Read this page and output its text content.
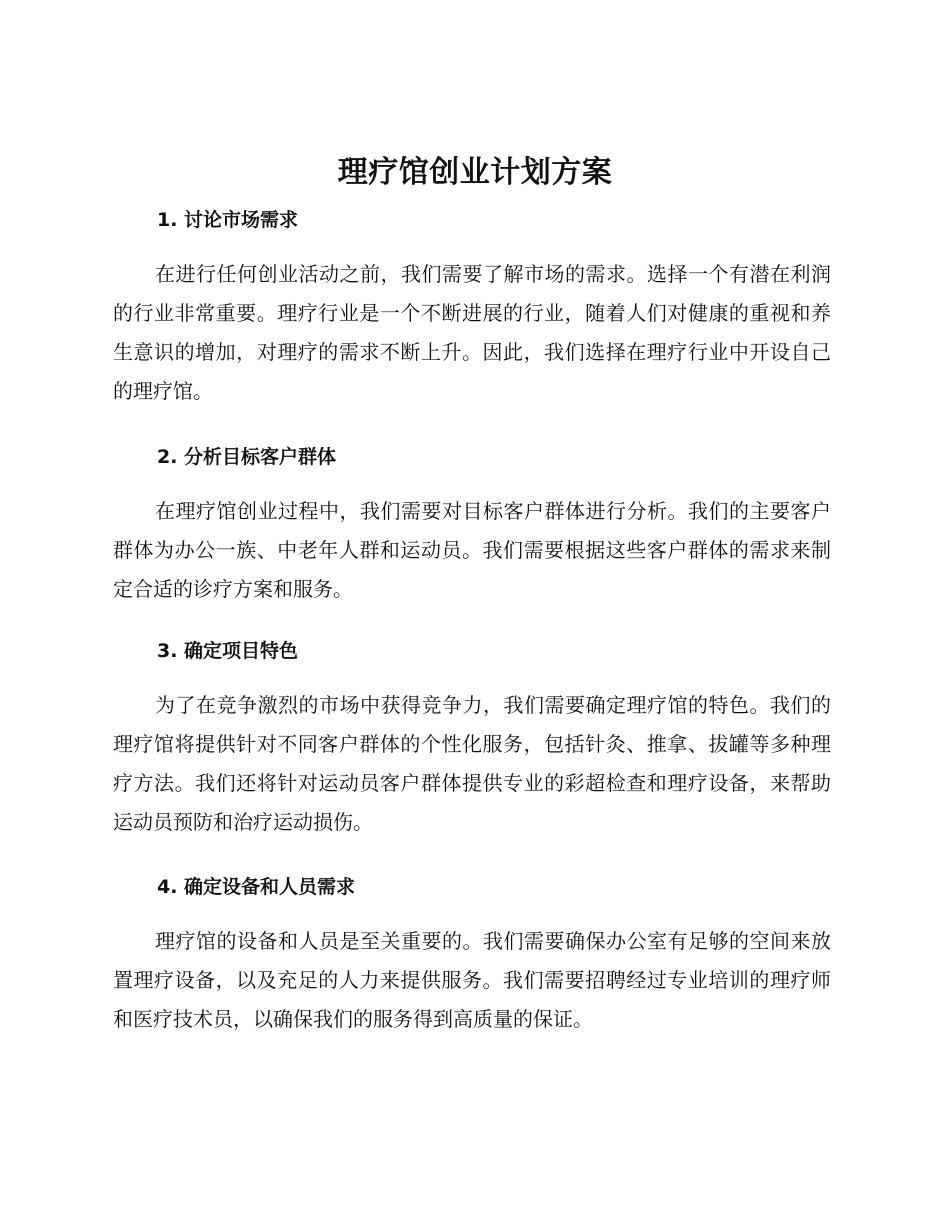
理疗馆创业计划方案
1. 讨论市场需求

在进行任何创业活动之前，我们需要了解市场的需求。选择一个有潜在利润的行业非常重要。理疗行业是一个不断进展的行业，随着人们对健康的重视和养生意识的增加，对理疗的需求不断上升。因此，我们选择在理疗行业中开设自己的理疗馆。

2. 分析目标客户群体

在理疗馆创业过程中，我们需要对目标客户群体进行分析。我们的主要客户群体为办公一族、中老年人群和运动员。我们需要根据这些客户群体的需求来制定合适的诊疗方案和服务。

3. 确定项目特色

为了在竞争激烈的市场中获得竞争力，我们需要确定理疗馆的特色。我们的理疗馆将提供针对不同客户群体的个性化服务，包括针灸、推拿、拔罐等多种理疗方法。我们还将针对运动员客户群体提供专业的彩超检查和理疗设备，来帮助运动员预防和治疗运动损伤。

4. 确定设备和人员需求

理疗馆的设备和人员是至关重要的。我们需要确保办公室有足够的空间来放置理疗设备，以及充足的人力来提供服务。我们需要招聘经过专业培训的理疗师和医疗技术员，以确保我们的服务得到高质量的保证。
